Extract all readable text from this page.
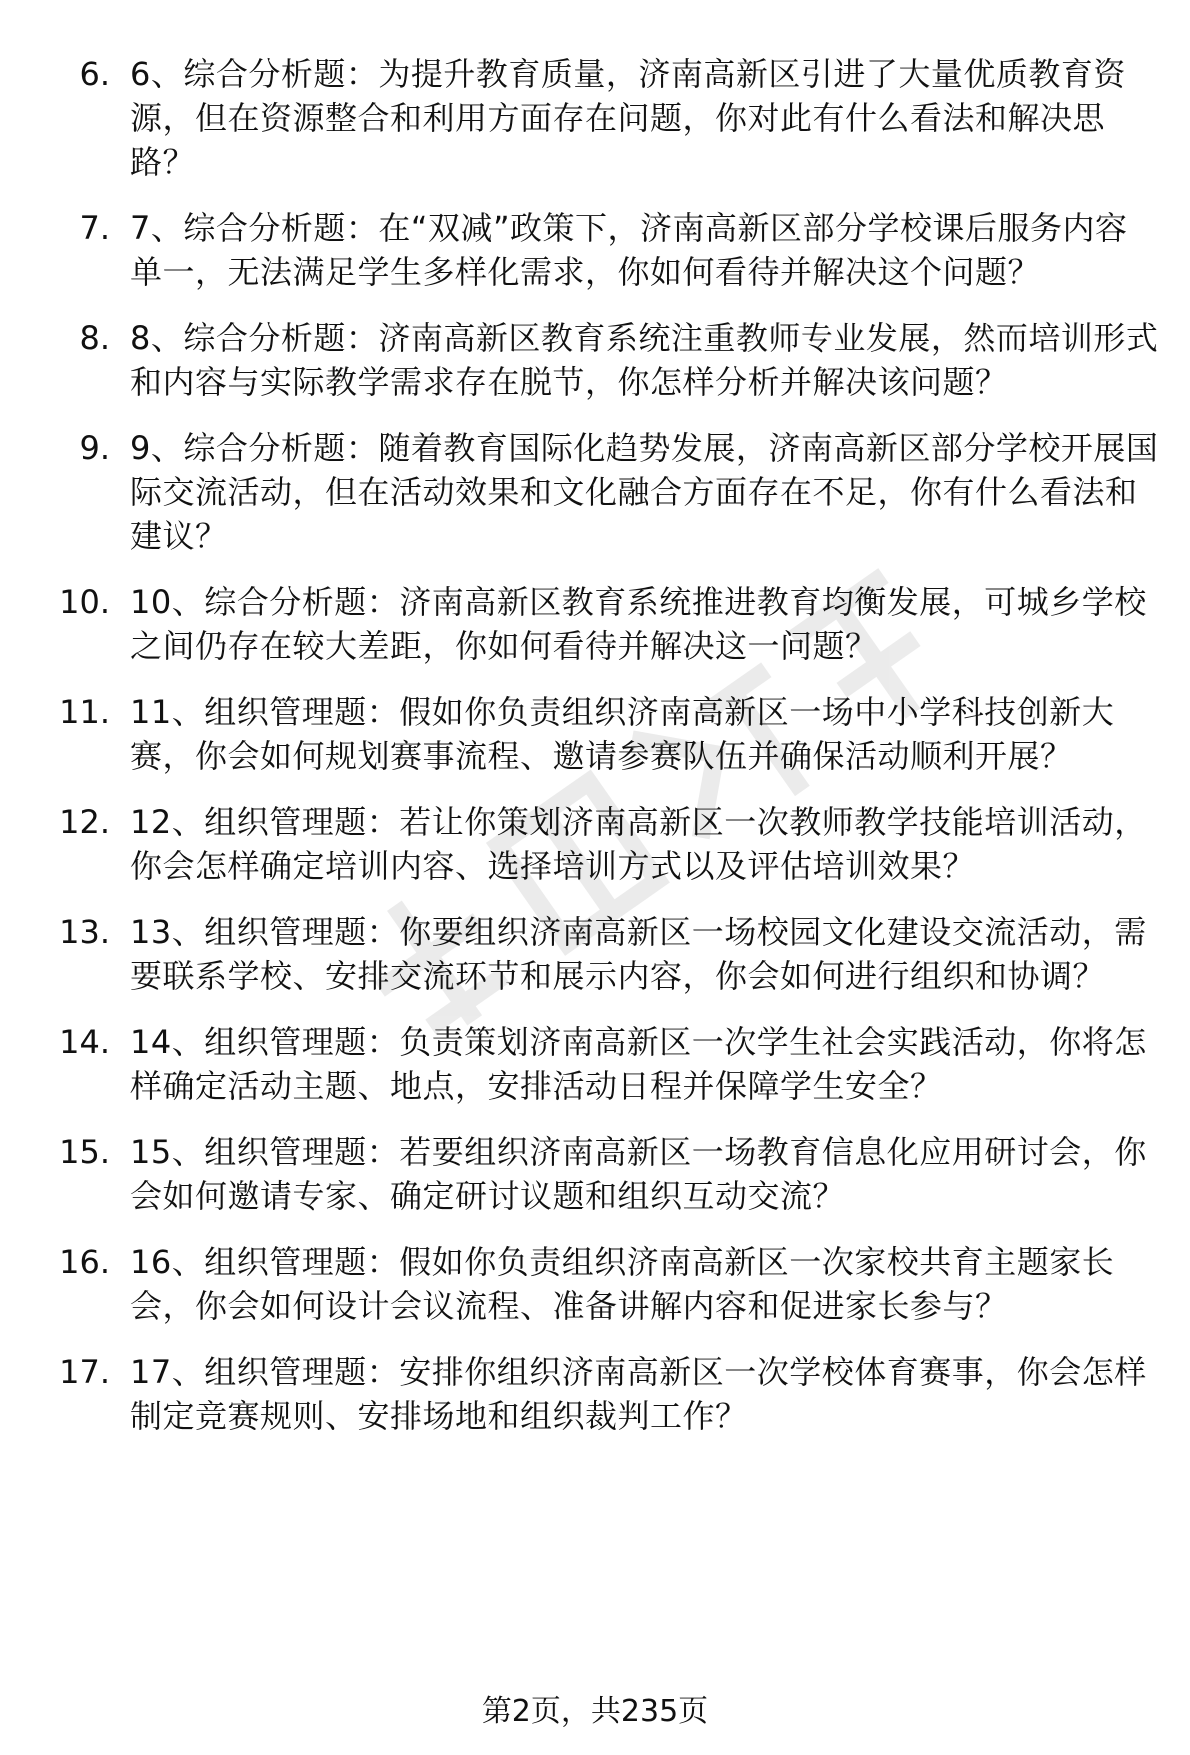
6. 6、综合分析题：为提升教育质量，济南高新区引进了大量优质教育资源，但在资源整合和利用方面存在问题，你对此有什么看法和解决思路？
7. 7、综合分析题：在“双减”政策下，济南高新区部分学校课后服务内容单一，无法满足学生多样化需求，你如何看待并解决这个问题？
8. 8、综合分析题：济南高新区教育系统注重教师专业发展，然而培训形式和内容与实际教学需求存在脱节，你怎样分析并解决该问题？
9. 9、综合分析题：随着教育国际化趋势发展，济南高新区部分学校开展国际交流活动，但在活动效果和文化融合方面存在不足，你有什么看法和建议？
10. 10、综合分析题：济南高新区教育系统推进教育均衡发展，可城乡学校之间仍存在较大差距，你如何看待并解决这一问题？
11. 11、组织管理题：假如你负责组织济南高新区一场中小学科技创新大赛，你会如何规划赛事流程、邀请参赛队伍并确保活动顺利开展？
12. 12、组织管理题：若让你策划济南高新区一次教师教学技能培训活动，你会怎样确定培训内容、选择培训方式以及评估培训效果？
13. 13、组织管理题：你要组织济南高新区一场校园文化建设交流活动，需要联系学校、安排交流环节和展示内容，你会如何进行组织和协调？
14. 14、组织管理题：负责策划济南高新区一次学生社会实践活动，你将怎样确定活动主题、地点，安排活动日程并保障学生安全？
15. 15、组织管理题：若要组织济南高新区一场教育信息化应用研讨会，你会如何邀请专家、确定研讨议题和组织互动交流？
16. 16、组织管理题：假如你负责组织济南高新区一次家校共育主题家长会，你会如何设计会议流程、准备讲解内容和促进家长参与？
17. 17、组织管理题：安排你组织济南高新区一次学校体育赛事，你会怎样制定竞赛规则、安排场地和组织裁判工作？
第2页，共235页
